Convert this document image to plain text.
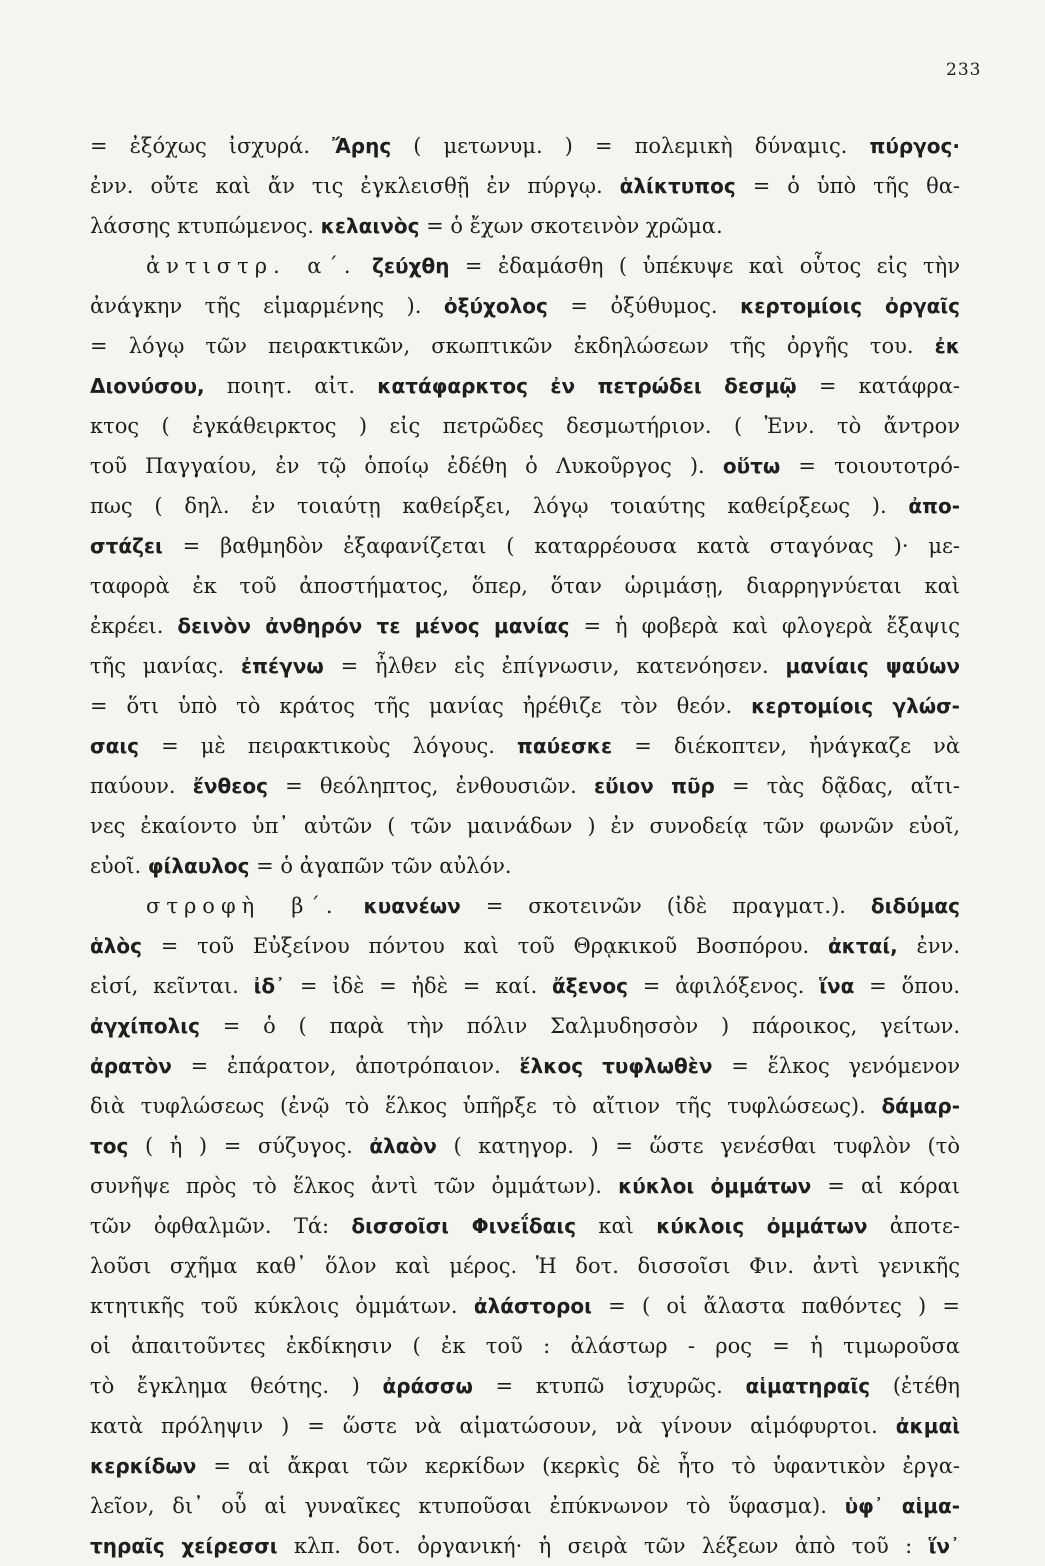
233
= ἐξόχως ἰσχυρά. Ἄρης ( μετωνυμ. ) = πολεμικὴ δύναμις. πύργος·
ἐνν. οὔτε καὶ ἄν τις ἐγκλεισθῇ ἐν πύργῳ. ἁλίκτυπος = ὁ ὑπὸ τῆς θα-
λάσσης κτυπώμενος. κελαινὸς = ὁ ἔχων σκοτεινὸν χρῶμα.
ἀντιστρ. α΄. ζεύχθη = ἐδαμάσθη ( ὑπέκυψε καὶ οὗτος εἰς τὴν
ἀνάγκην τῆς εἱμαρμένης ). ὀξύχολος = ὀξύθυμος. κερτομίοις ὀργαῖς
= λόγῳ τῶν πειρακτικῶν, σκωπτικῶν ἐκδηλώσεων τῆς ὀργῆς του. ἐκ
Διονύσου, ποιητ. αἰτ. κατάφαρκτος ἐν πετρώδει δεσμῷ = κατάφρα-
κτος ( ἐγκάθειρκτος ) εἰς πετρῶδες δεσμωτήριον. ( Ἐνν. τὸ ἄντρον
τοῦ Παγγαίου, ἐν τῷ ὁποίῳ ἐδέθη ὁ Λυκοῦργος ). οὕτω = τοιουτοτρό-
πως ( δηλ. ἐν τοιαύτῃ καθείρξει, λόγῳ τοιαύτης καθείρξεως ). ἀπο-
στάζει = βαθμηδὸν ἐξαφανίζεται ( καταρρέουσα κατὰ σταγόνας )· με-
ταφορὰ ἐκ τοῦ ἀποστήματος, ὅπερ, ὅταν ὡριμάσῃ, διαρρηγνύεται καὶ
ἐκρέει. δεινὸν ἀνθηρόν τε μένος μανίας = ἡ φοβερὰ καὶ φλογερὰ ἔξαψις
τῆς μανίας. ἐπέγνω = ἦλθεν εἰς ἐπίγνωσιν, κατενόησεν. μανίαις ψαύων
= ὅτι ὑπὸ τὸ κράτος τῆς μανίας ἠρέθιζε τὸν θεόν. κερτομίοις γλώσ-
σαις = μὲ πειρακτικοὺς λόγους. παύεσκε = διέκοπτεν, ἠνάγκαζε νὰ
παύουν. ἔνθεος = θεόληπτος, ἐνθουσιῶν. εὔιον πῦρ = τὰς δᾷδας, αἴτι-
νες ἐκαίοντο ὑπ᾿ αὐτῶν ( τῶν μαινάδων ) ἐν συνοδείᾳ τῶν φωνῶν εὐοῖ,
εὐοῖ. φίλαυλος = ὁ ἀγαπῶν τῶν αὐλόν.
στροφὴ β΄. κυανέων = σκοτεινῶν (ἰδὲ πραγματ.). διδύμας
ἁλὸς = τοῦ Εὐξείνου πόντου καὶ τοῦ Θρᾳκικοῦ Βοσπόρου. ἀκταί, ἐνν.
εἰσί, κεῖνται. ἰδ᾿ = ἰδὲ = ἠδὲ = καί. ἄξενος = ἀφιλόξενος. ἵνα = ὅπου.
ἀγχίπολις = ὁ ( παρὰ τὴν πόλιν Σαλμυδησσὸν ) πάροικος, γείτων.
ἀρατὸν = ἐπάρατον, ἀποτρόπαιον. ἕλκος τυφλωθὲν = ἕλκος γενόμενον
διὰ τυφλώσεως (ἐνῷ τὸ ἕλκος ὑπῆρξε τὸ αἴτιον τῆς τυφλώσεως). δάμαρ-
τος ( ἡ ) = σύζυγος. ἀλαὸν ( κατηγορ. ) = ὥστε γενέσθαι τυφλὸν (τὸ
συνῆψε πρὸς τὸ ἕλκος ἀντὶ τῶν ὀμμάτων). κύκλοι ὀμμάτων = αἱ κόραι
τῶν ὀφθαλμῶν. Τά: δισσοῖσι Φινεΐδαις καὶ κύκλοις ὀμμάτων ἀποτε-
λοῦσι σχῆμα καθ᾿ ὅλον καὶ μέρος. Ἡ δοτ. δισσοῖσι Φιν. ἀντὶ γενικῆς
κτητικῆς τοῦ κύκλοις ὀμμάτων. ἀλάστοροι = ( οἱ ἄλαστα παθόντες ) =
οἱ ἀπαιτοῦντες ἐκδίκησιν ( ἐκ τοῦ : ἀλάστωρ - ρος = ἡ τιμωροῦσα
τὸ ἔγκλημα θεότης. ) ἀράσσω = κτυπῶ ἰσχυρῶς. αἱματηραῖς (ἐτέθη
κατὰ πρόληψιν ) = ὥστε νὰ αἱματώσουν, νὰ γίνουν αἱμόφυρτοι. ἀκμαὶ
κερκίδων = αἱ ἄκραι τῶν κερκίδων (κερκὶς δὲ ἦτο τὸ ὑφαντικὸν ἐργα-
λεῖον, δι᾿ οὗ αἱ γυναῖκες κτυποῦσαι ἐπύκνωνον τὸ ὕφασμα). ὑφ᾿ αἱμα-
τηραῖς χείρεσσι κλπ. δοτ. ὀργανική· ἡ σειρὰ τῶν λέξεων ἀπὸ τοῦ : ἵν᾿
